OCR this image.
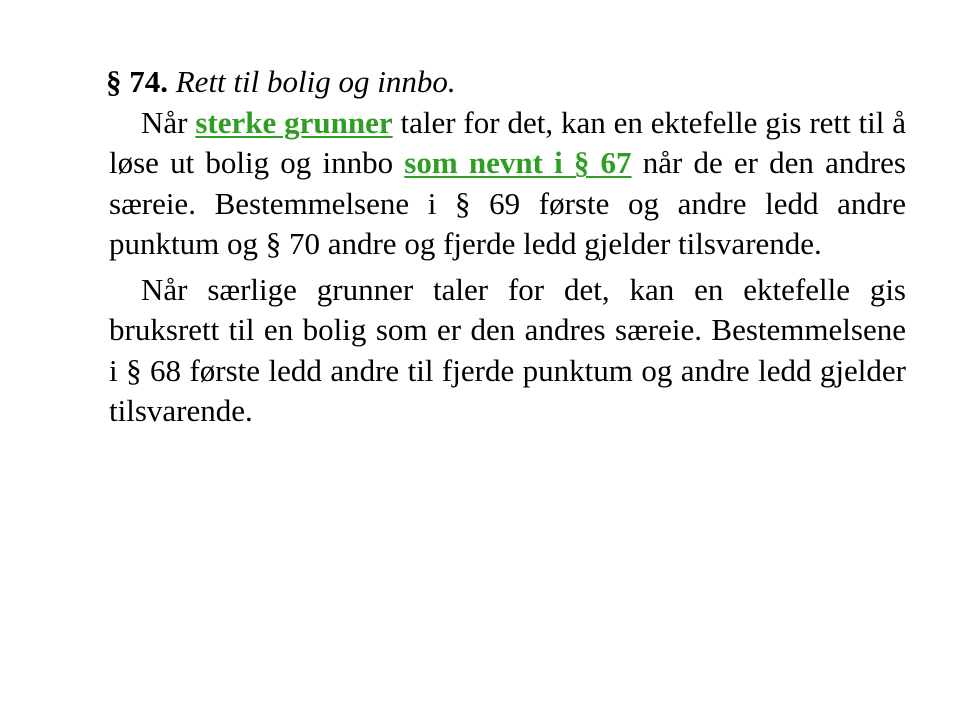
§ 74. Rett til bolig og innbo.

Når sterke grunner taler for det, kan en ektefelle gis rett til å løse ut bolig og innbo som nevnt i § 67 når de er den andres særeie. Bestemmelsene i § 69 første og andre ledd andre punktum og § 70 andre og fjerde ledd gjelder tilsvarende.

Når særlige grunner taler for det, kan en ektefelle gis bruksrett til en bolig som er den andres særeie. Bestemmelsene i § 68 første ledd andre til fjerde punktum og andre ledd gjelder tilsvarende.
